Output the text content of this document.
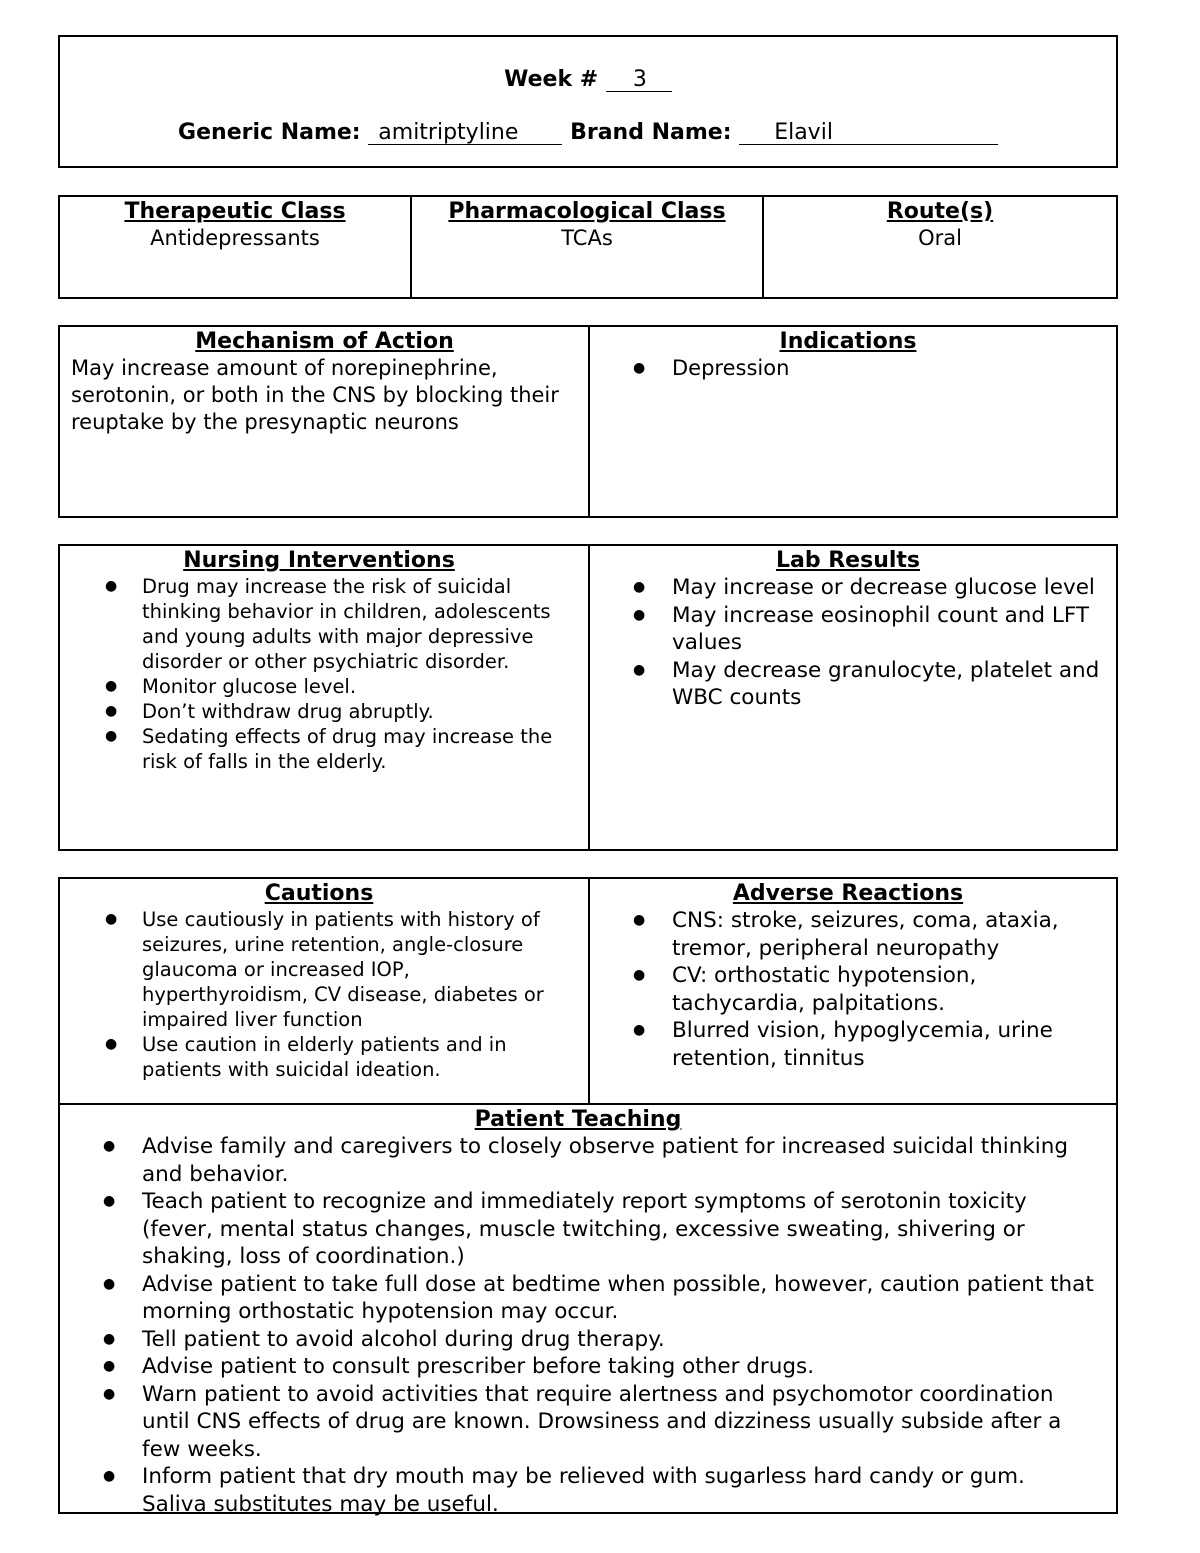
Week # 3
Generic Name: amitriptyline Brand Name: Elavil
Therapeutic Class
Antidepressants
Pharmacological Class
TCAs
Route(s)
Oral
Mechanism of Action
May increase amount of norepinephrine, serotonin, or both in the CNS by blocking their reuptake by the presynaptic neurons
Indications
● Depression
Nursing Interventions
● Drug may increase the risk of suicidal thinking behavior in children, adolescents and young adults with major depressive disorder or other psychiatric disorder.
● Monitor glucose level.
● Don’t withdraw drug abruptly.
● Sedating effects of drug may increase the risk of falls in the elderly.
Lab Results
● May increase or decrease glucose level
● May increase eosinophil count and LFT values
● May decrease granulocyte, platelet and WBC counts
Cautions
● Use cautiously in patients with history of seizures, urine retention, angle-closure glaucoma or increased IOP, hyperthyroidism, CV disease, diabetes or impaired liver function
● Use caution in elderly patients and in patients with suicidal ideation.
Adverse Reactions
● CNS: stroke, seizures, coma, ataxia, tremor, peripheral neuropathy
● CV: orthostatic hypotension, tachycardia, palpitations.
● Blurred vision, hypoglycemia, urine retention, tinnitus
Patient Teaching
● Advise family and caregivers to closely observe patient for increased suicidal thinking and behavior.
● Teach patient to recognize and immediately report symptoms of serotonin toxicity (fever, mental status changes, muscle twitching, excessive sweating, shivering or shaking, loss of coordination.)
● Advise patient to take full dose at bedtime when possible, however, caution patient that morning orthostatic hypotension may occur.
● Tell patient to avoid alcohol during drug therapy.
● Advise patient to consult prescriber before taking other drugs.
● Warn patient to avoid activities that require alertness and psychomotor coordination until CNS effects of drug are known. Drowsiness and dizziness usually subside after a few weeks.
● Inform patient that dry mouth may be relieved with sugarless hard candy or gum. Saliva substitutes may be useful.
